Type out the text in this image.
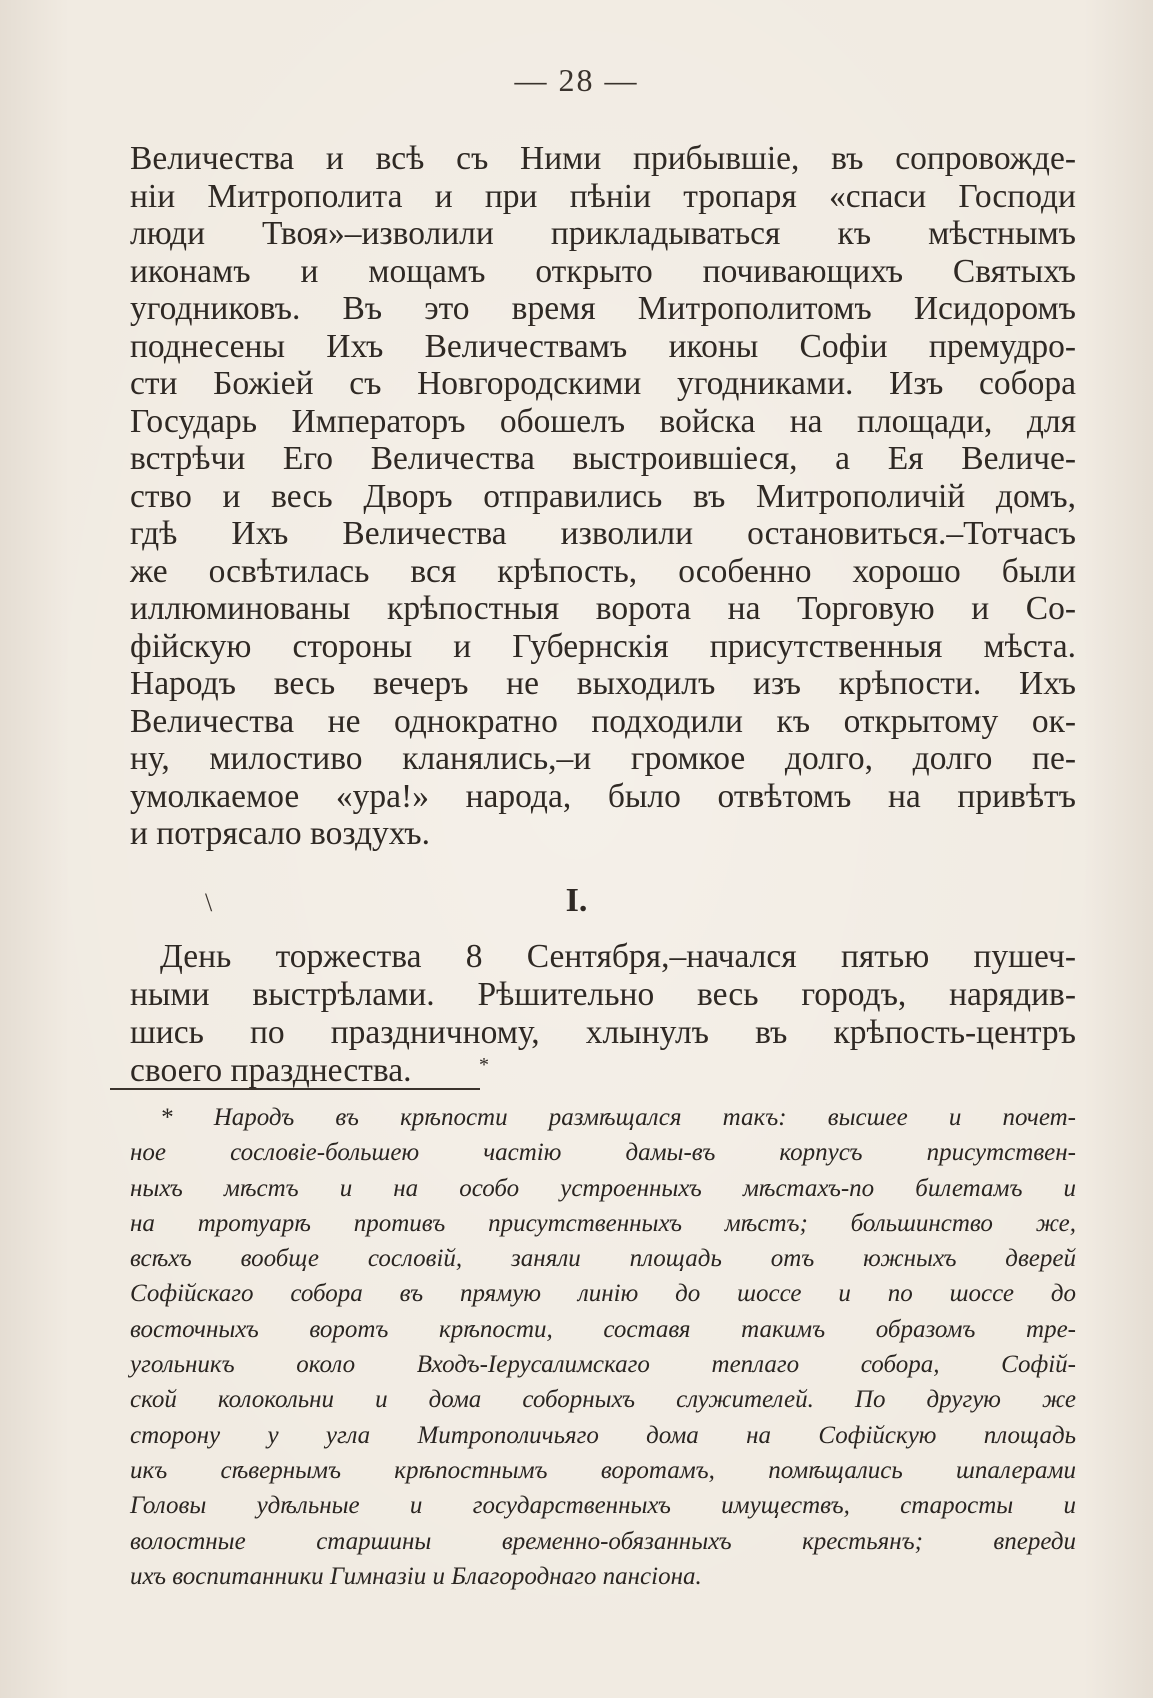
— 28 —
Величества и всѣ съ Ними прибывшіе, въ сопровожде-
ніи Митрополита и при пѣніи тропаря «спаси Господи
люди Твоя»–изволили прикладываться къ мѣстнымъ
иконамъ и мощамъ открыто почивающихъ Святыхъ
угодниковъ. Въ это время Митрополитомъ Исидоромъ
поднесены Ихъ Величествамъ иконы Софіи премудро-
сти Божіей съ Новгородскими угодниками. Изъ собора
Государь Императоръ обошелъ войска на площади, для
встрѣчи Его Величества выстроившіеся, а Ея Величе-
ство и весь Дворъ отправились въ Митрополичій домъ,
гдѣ Ихъ Величества изволили остановиться.–Тотчасъ
же освѣтилась вся крѣпость, особенно хорошо были
иллюминованы крѣпостныя ворота на Торговую и Со-
фійскую стороны и Губернскія присутственныя мѣста.
Народъ весь вечеръ не выходилъ изъ крѣпости. Ихъ
Величества не однократно подходили къ открытому ок-
ну, милостиво кланялись,–и громкое долго, долго пе-
умолкаемое «ура!» народа, было отвѣтомъ на привѣтъ
и потрясало воздухъ.
\	I.
День торжества 8 Сентября,–начался пятью пушеч-
ными выстрѣлами. Рѣшительно весь городъ, нарядив-
шись по праздничному, хлынулъ въ крѣпость-центръ
своего празднества.	*
* Народъ въ крѣпости размѣщался такъ: высшее и почет-
ное сословіе-большею частію дамы-въ корпусъ присутствен-
ныхъ мѣстъ и на особо устроенныхъ мѣстахъ-по билетамъ и
на тротуарѣ противъ присутственныхъ мѣстъ; большинство же,
всѣхъ вообще сословій, заняли площадь отъ южныхъ дверей
Софійскаго собора въ прямую линію до шоссе и по шоссе до
восточныхъ воротъ крѣпости, составя такимъ образомъ тре-
угольникъ около Входъ-Іерусалимскаго теплаго собора, Софій-
ской колокольни и дома соборныхъ служителей. По другую же
сторону у угла Митрополичьяго дома на Софійскую площадь
икъ сѣвернымъ крѣпостнымъ воротамъ, помѣщались шпалерами
Головы удѣльные и государственныхъ имуществъ, старосты и
волостные старшины временно-обязанныхъ крестьянъ; впереди
ихъ воспитанники Гимназіи и Благороднаго пансіона.
